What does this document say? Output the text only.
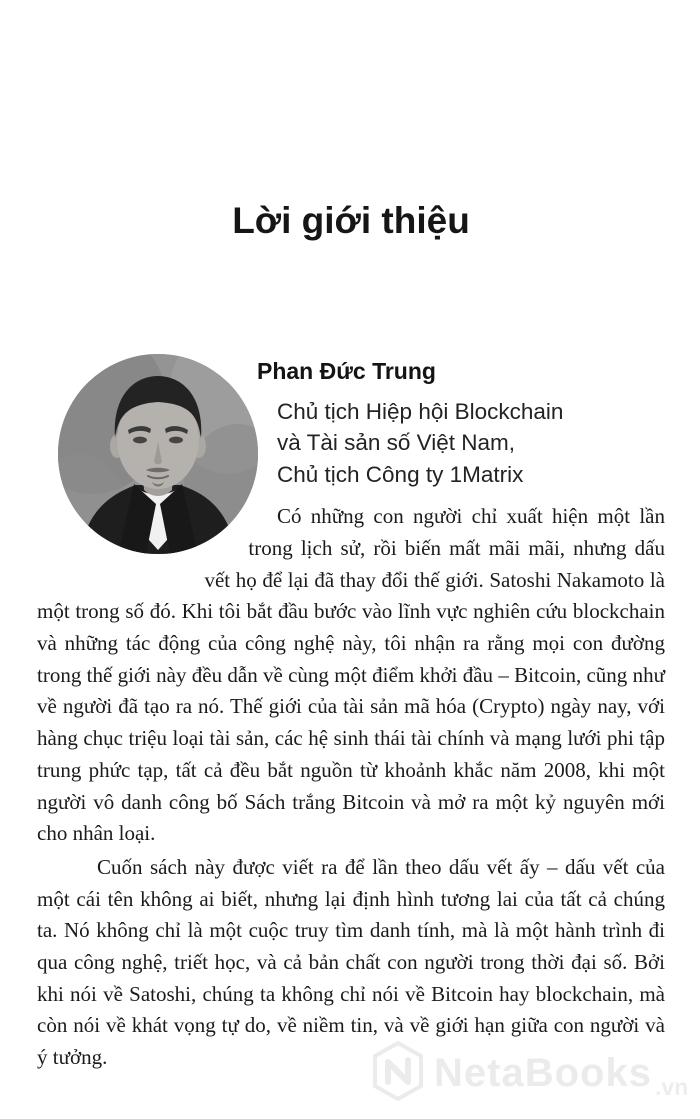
Lời giới thiệu
Phan Đức Trung
Chủ tịch Hiệp hội Blockchain
và Tài sản số Việt Nam,
Chủ tịch Công ty 1Matrix

Có những con người chỉ xuất hiện một lần trong lịch sử, rồi biến mất mãi mãi, nhưng dấu vết họ để lại đã thay đổi thế giới. Satoshi Nakamoto là một trong số đó. Khi tôi bắt đầu bước vào lĩnh vực nghiên cứu blockchain và những tác động của công nghệ này, tôi nhận ra rằng mọi con đường trong thế giới này đều dẫn về cùng một điểm khởi đầu – Bitcoin, cũng như về người đã tạo ra nó. Thế giới của tài sản mã hóa (Crypto) ngày nay, với hàng chục triệu loại tài sản, các hệ sinh thái tài chính và mạng lưới phi tập trung phức tạp, tất cả đều bắt nguồn từ khoảnh khắc năm 2008, khi một người vô danh công bố Sách trắng Bitcoin và mở ra một kỷ nguyên mới cho nhân loại.

Cuốn sách này được viết ra để lần theo dấu vết ấy – dấu vết của một cái tên không ai biết, nhưng lại định hình tương lai của tất cả chúng ta. Nó không chỉ là một cuộc truy tìm danh tính, mà là một hành trình đi qua công nghệ, triết học, và cả bản chất con người trong thời đại số. Bởi khi nói về Satoshi, chúng ta không chỉ nói về Bitcoin hay blockchain, mà còn nói về khát vọng tự do, về niềm tin, và về giới hạn giữa con người và ý tưởng.	NetaBooks .vn
